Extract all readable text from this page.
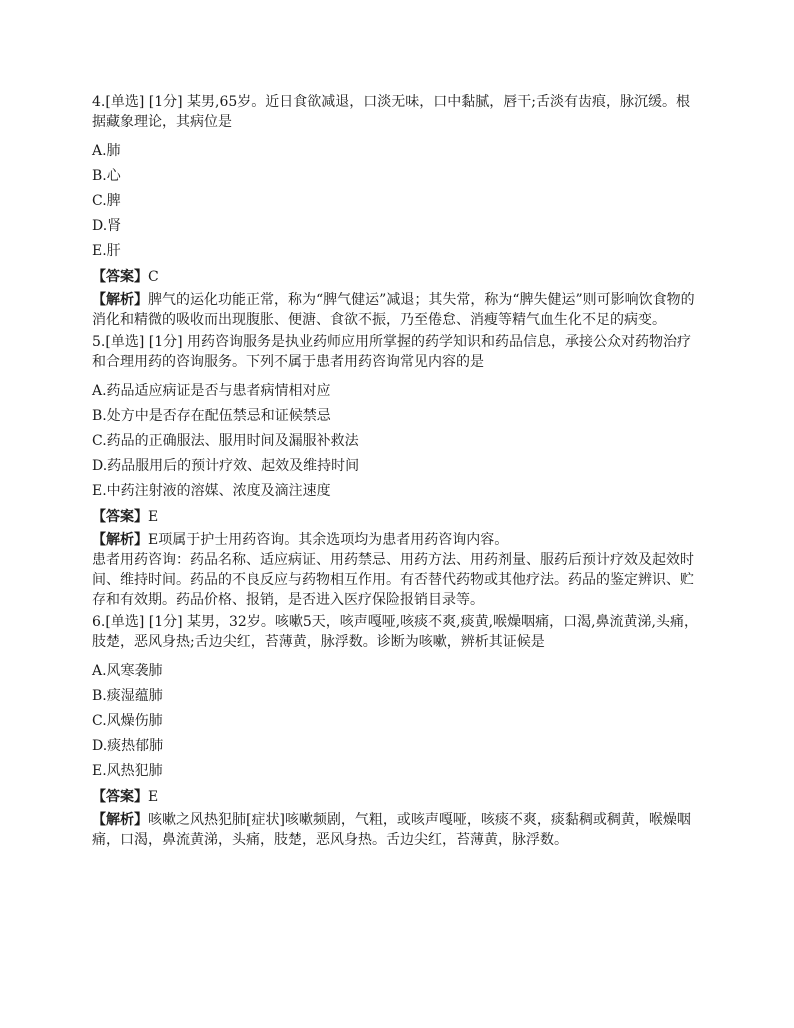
4.[单选] [1分] 某男,65岁。近日食欲减退，口淡无味，口中黏腻，唇干;舌淡有齿痕，脉沉缓。根据藏象理论，其病位是

A.肺

B.心

C.脾

D.肾

E.肝

【答案】C

【解析】脾气的运化功能正常，称为“脾气健运”减退；其失常，称为“脾失健运”则可影响饮食物的消化和精微的吸收而出现腹胀、便溏、食欲不振，乃至倦怠、消瘦等精气血生化不足的病变。

5.[单选] [1分] 用药咨询服务是执业药师应用所掌握的药学知识和药品信息，承接公众对药物治疗和合理用药的咨询服务。下列不属于患者用药咨询常见内容的是

A.药品适应病证是否与患者病情相对应

B.处方中是否存在配伍禁忌和证候禁忌

C.药品的正确服法、服用时间及漏服补救法

D.药品服用后的预计疗效、起效及维持时间

E.中药注射液的溶媒、浓度及滴注速度

【答案】E

【解析】E项属于护士用药咨询。其余选项均为患者用药咨询内容。

患者用药咨询：药品名称、适应病证、用药禁忌、用药方法、用药剂量、服药后预计疗效及起效时间、维持时间。药品的不良反应与药物相互作用。有否替代药物或其他疗法。药品的鉴定辨识、贮存和有效期。药品价格、报销，是否进入医疗保险报销目录等。

6.[单选] [1分] 某男，32岁。咳嗽5天，咳声嘎哑,咳痰不爽,痰黄,喉燥咽痛，口渴,鼻流黄涕,头痛，肢楚，恶风身热;舌边尖红，苔薄黄，脉浮数。诊断为咳嗽，辨析其证候是

A.风寒袭肺

B.痰湿蕴肺

C.风燥伤肺

D.痰热郁肺

E.风热犯肺

【答案】E

【解析】咳嗽之风热犯肺[症状]咳嗽频剧，气粗，或咳声嘎哑，咳痰不爽，痰黏稠或稠黄，喉燥咽痛，口渴，鼻流黄涕，头痛，肢楚，恶风身热。舌边尖红，苔薄黄，脉浮数。
